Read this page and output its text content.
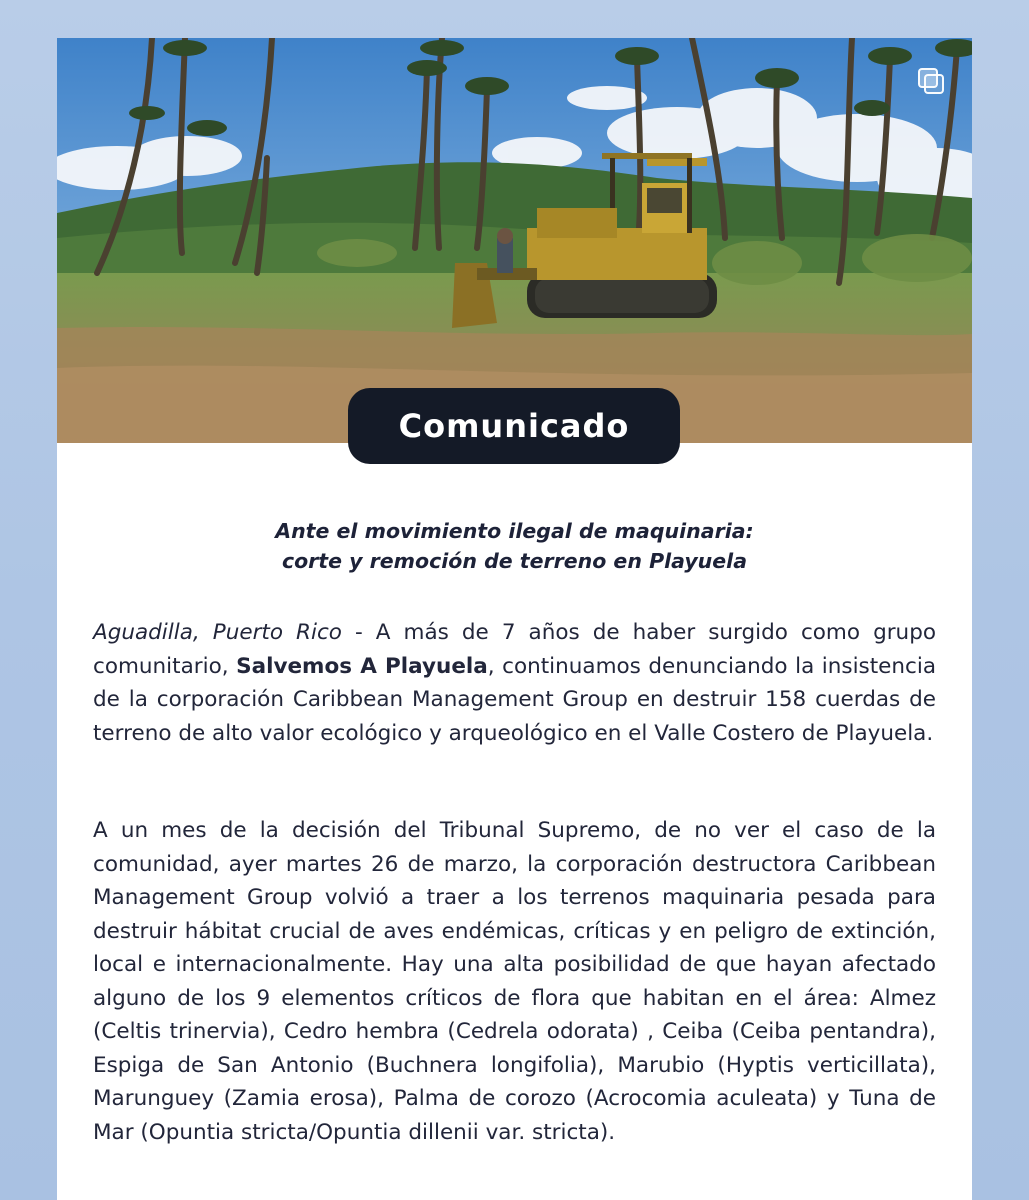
Comunicado
Ante el movimiento ilegal de maquinaria:
corte y remoción de terreno en Playuela
Aguadilla, Puerto Rico - A más de 7 años de haber surgido como grupo comunitario, Salvemos A Playuela, continuamos denunciando la insistencia de la corporación Caribbean Management Group en destruir 158 cuerdas de terreno de alto valor ecológico y arqueológico en el Valle Costero de Playuela.
A un mes de la decisión del Tribunal Supremo, de no ver el caso de la comunidad, ayer martes 26 de marzo, la corporación destructora Caribbean Management Group volvió a traer a los terrenos maquinaria pesada para destruir hábitat crucial de aves endémicas, críticas y en peligro de extinción, local e internacionalmente. Hay una alta posibilidad de que hayan afectado alguno de los 9 elementos críticos de flora que habitan en el área: Almez (Celtis trinervia), Cedro hembra (Cedrela odorata) , Ceiba (Ceiba pentandra), Espiga de San Antonio (Buchnera longifolia), Marubio (Hyptis verticillata), Marunguey (Zamia erosa), Palma de corozo (Acrocomia aculeata) y Tuna de Mar (Opuntia stricta/Opuntia dillenii var. stricta).
